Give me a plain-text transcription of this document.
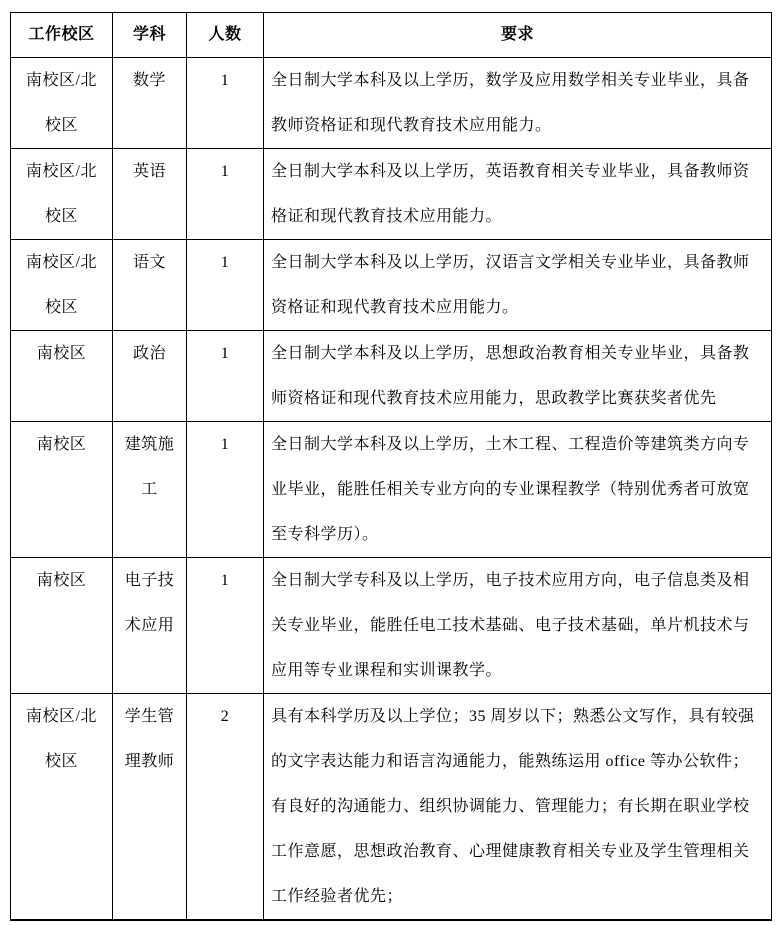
工作校区	学科	人数	要求
南校区/北校区	数学	1	全日制大学本科及以上学历，数学及应用数学相关专业毕业，具备教师资格证和现代教育技术应用能力。
南校区/北校区	英语	1	全日制大学本科及以上学历，英语教育相关专业毕业，具备教师资格证和现代教育技术应用能力。
南校区/北校区	语文	1	全日制大学本科及以上学历，汉语言文学相关专业毕业，具备教师资格证和现代教育技术应用能力。
南校区	政治	1	全日制大学本科及以上学历，思想政治教育相关专业毕业，具备教师资格证和现代教育技术应用能力，思政教学比赛获奖者优先
南校区	建筑施工	1	全日制大学本科及以上学历，土木工程、工程造价等建筑类方向专业毕业，能胜任相关专业方向的专业课程教学（特别优秀者可放宽至专科学历）。
南校区	电子技术应用	1	全日制大学专科及以上学历，电子技术应用方向，电子信息类及相关专业毕业，能胜任电工技术基础、电子技术基础，单片机技术与应用等专业课程和实训课教学。
南校区/北校区	学生管理教师	2	具有本科学历及以上学位；35 周岁以下；熟悉公文写作，具有较强的文字表达能力和语言沟通能力，能熟练运用 office 等办公软件；有良好的沟通能力、组织协调能力、管理能力；有长期在职业学校工作意愿，思想政治教育、心理健康教育相关专业及学生管理相关工作经验者优先；
